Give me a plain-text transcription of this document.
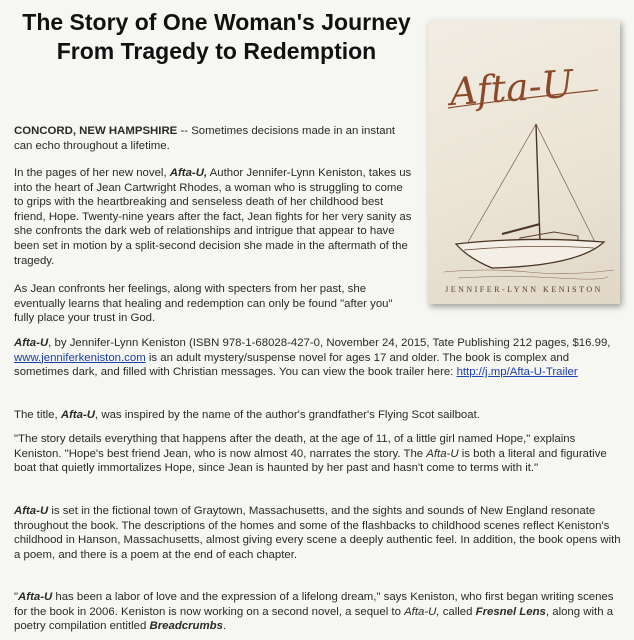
The Story of One Woman's Journey From Tragedy to Redemption

CONCORD, NEW HAMPSHIRE -- Sometimes decisions made in an instant can echo throughout a lifetime.

In the pages of her new novel, Afta-U, Author Jennifer-Lynn Keniston, takes us into the heart of Jean Cartwright Rhodes, a woman who is struggling to come to grips with the heartbreaking and senseless death of her childhood best friend, Hope. Twenty-nine years after the fact, Jean fights for her very sanity as she confronts the dark web of relationships and intrigue that appear to have been set in motion by a split-second decision she made in the aftermath of the tragedy.

As Jean confronts her feelings, along with specters from her past, she eventually learns that healing and redemption can only be found "after you" fully place your trust in God.

Afta-U, by Jennifer-Lynn Keniston (ISBN 978-1-68028-427-0, November 24, 2015, Tate Publishing 212 pages, $16.99, www.jenniferkeniston.com is an adult mystery/suspense novel for ages 17 and older. The book is complex and sometimes dark, and filled with Christian messages. You can view the book trailer here: http://j.mp/Afta-U-Trailer

The title, Afta-U, was inspired by the name of the author's grandfather's Flying Scot sailboat.

"The story details everything that happens after the death, at the age of 11, of a little girl named Hope," explains Keniston. "Hope's best friend Jean, who is now almost 40, narrates the story. The Afta-U is both a literal and figurative boat that quietly immortalizes Hope, since Jean is haunted by her past and hasn't come to terms with it."

Afta-U is set in the fictional town of Graytown, Massachusetts, and the sights and sounds of New England resonate throughout the book. The descriptions of the homes and some of the flashbacks to childhood scenes reflect Keniston's childhood in Hanson, Massachusetts, almost giving every scene a deeply authentic feel. In addition, the book opens with a poem, and there is a poem at the end of each chapter.

"Afta-U has been a labor of love and the expression of a lifelong dream," says Keniston, who first began writing scenes for the book in 2006. Keniston is now working on a second novel, a sequel to Afta-U, called Fresnel Lens, along with a poetry compilation entitled Breadcrumbs.

Afta-U
JENNIFER-LYNN KENISTON
